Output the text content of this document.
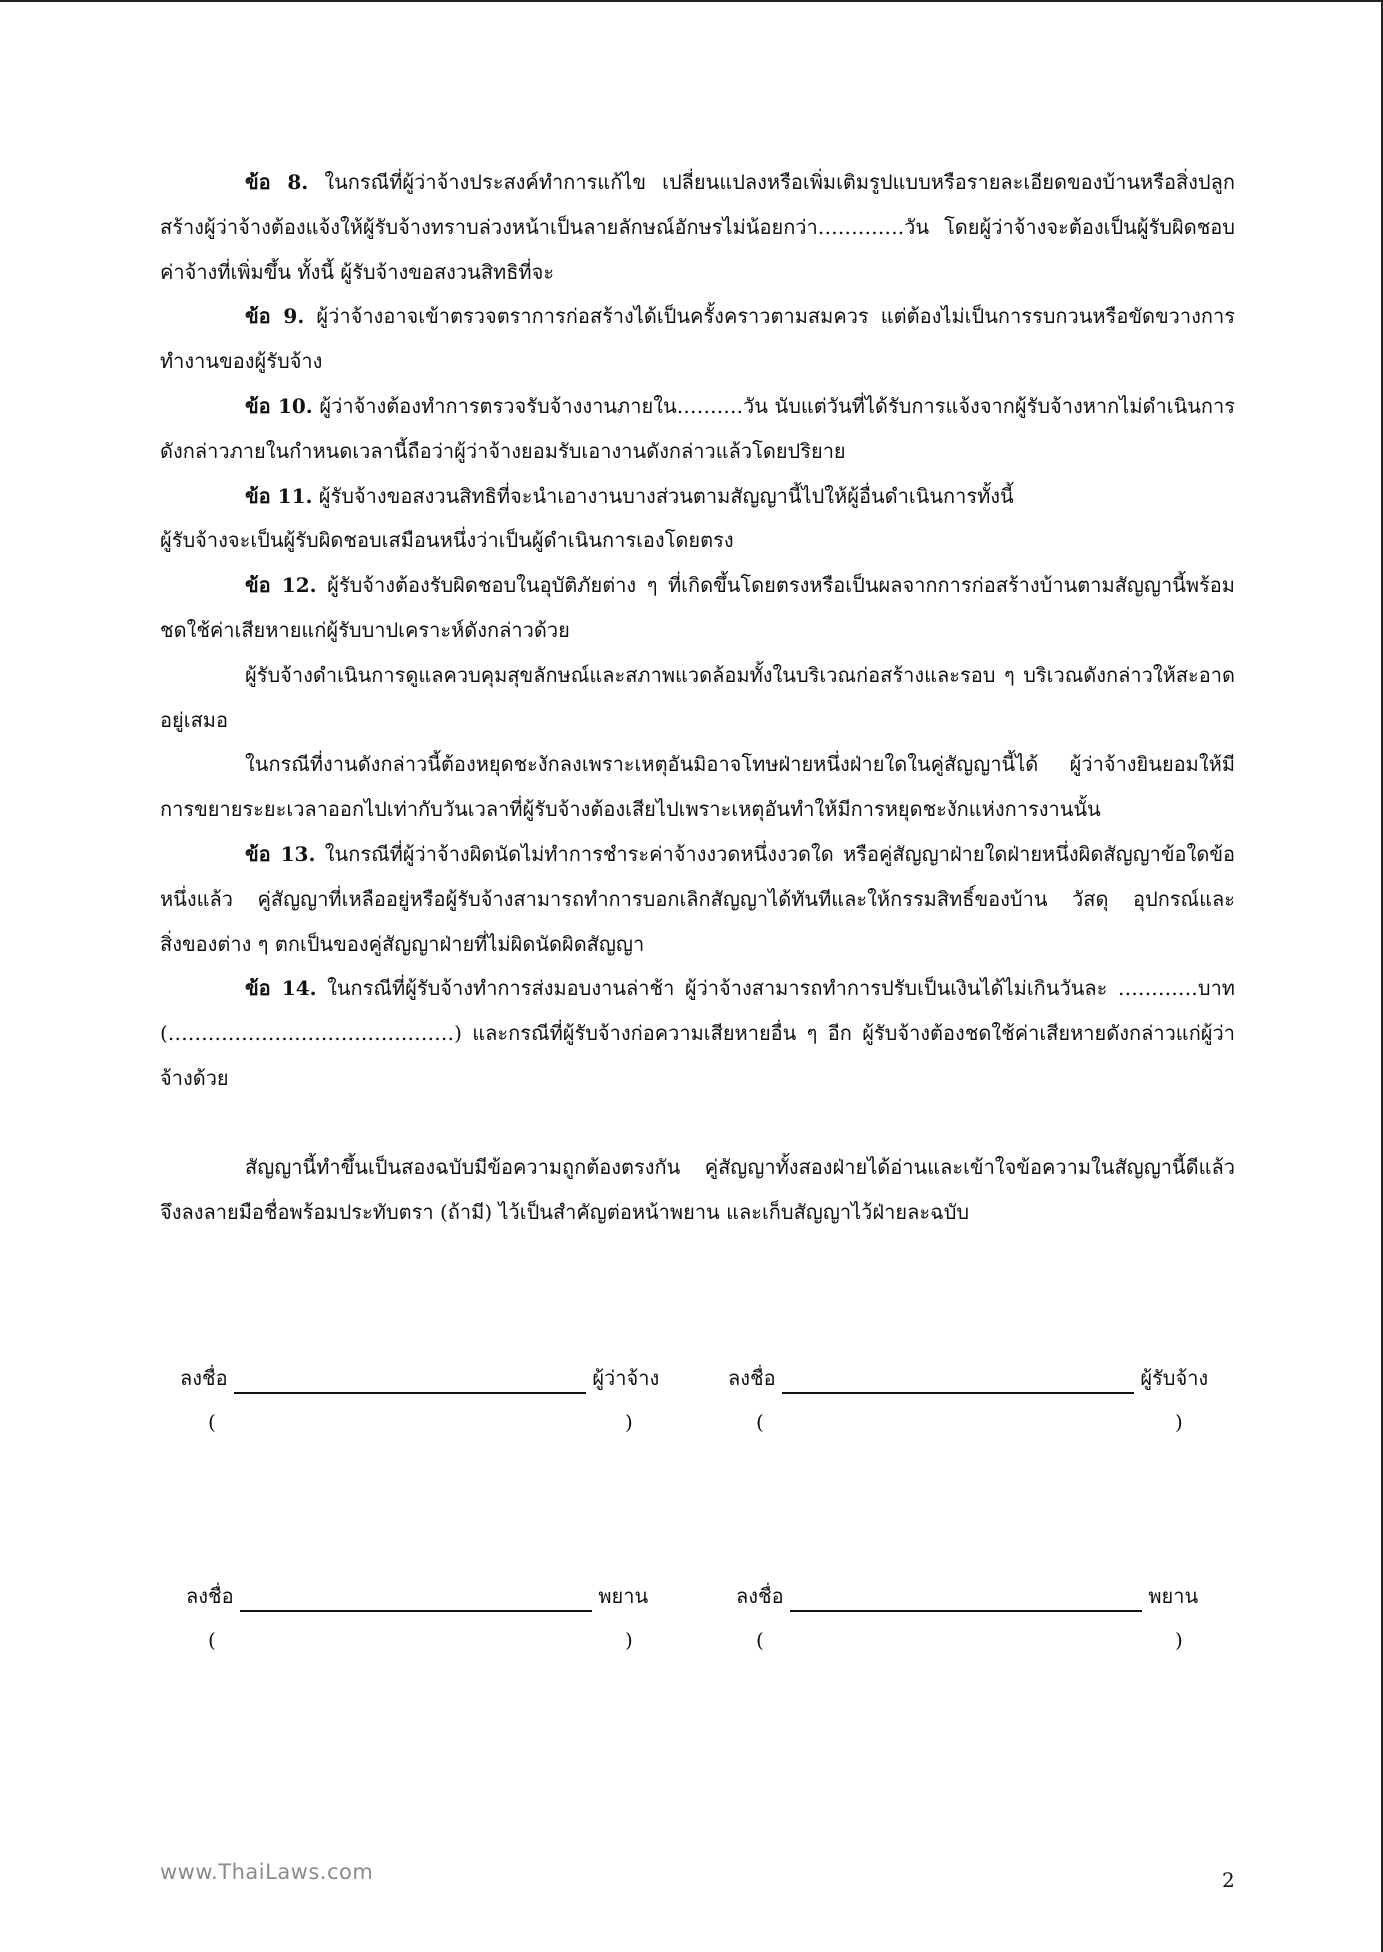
ข้อ 8. ในกรณีที่ผู้ว่าจ้างประสงค์ทำการแก้ไข เปลี่ยนแปลงหรือเพิ่มเติมรูปแบบหรือรายละเอียดของบ้านหรือสิ่งปลูกสร้างผู้ว่าจ้างต้องแจ้งให้ผู้รับจ้างทราบล่วงหน้าเป็นลายลักษณ์อักษรไม่น้อยกว่า………….วัน โดยผู้ว่าจ้างจะต้องเป็นผู้รับผิดชอบค่าจ้างที่เพิ่มขึ้น ทั้งนี้ ผู้รับจ้างขอสงวนสิทธิที่จะ

ข้อ 9. ผู้ว่าจ้างอาจเข้าตรวจตราการก่อสร้างได้เป็นครั้งคราวตามสมควร แต่ต้องไม่เป็นการรบกวนหรือขัดขวางการทำงานของผู้รับจ้าง

ข้อ 10. ผู้ว่าจ้างต้องทำการตรวจรับจ้างงานภายใน……….วัน นับแต่วันที่ได้รับการแจ้งจากผู้รับจ้างหากไม่ดำเนินการดังกล่าวภายในกำหนดเวลานี้ถือว่าผู้ว่าจ้างยอมรับเอางานดังกล่าวแล้วโดยปริยาย

ข้อ 11. ผู้รับจ้างขอสงวนสิทธิที่จะนำเอางานบางส่วนตามสัญญานี้ไปให้ผู้อื่นดำเนินการทั้งนี้
ผู้รับจ้างจะเป็นผู้รับผิดชอบเสมือนหนึ่งว่าเป็นผู้ดำเนินการเองโดยตรง

ข้อ 12. ผู้รับจ้างต้องรับผิดชอบในอุบัติภัยต่าง ๆ ที่เกิดขึ้นโดยตรงหรือเป็นผลจากการก่อสร้างบ้านตามสัญญานี้พร้อมชดใช้ค่าเสียหายแก่ผู้รับบาปเคราะห์ดังกล่าวด้วย

ผู้รับจ้างดำเนินการดูแลควบคุมสุขลักษณ์และสภาพแวดล้อมทั้งในบริเวณก่อสร้างและรอบ ๆ บริเวณดังกล่าวให้สะอาดอยู่เสมอ

ในกรณีที่งานดังกล่าวนี้ต้องหยุดชะงักลงเพราะเหตุอันมิอาจโทษฝ่ายหนึ่งฝ่ายใดในคู่สัญญานี้ได้ ผู้ว่าจ้างยินยอมให้มีการขยายระยะเวลาออกไปเท่ากับวันเวลาที่ผู้รับจ้างต้องเสียไปเพราะเหตุอันทำให้มีการหยุดชะงักแห่งการงานนั้น

ข้อ 13. ในกรณีที่ผู้ว่าจ้างผิดนัดไม่ทำการชำระค่าจ้างงวดหนึ่งงวดใด หรือคู่สัญญาฝ่ายใดฝ่ายหนึ่งผิดสัญญาข้อใดข้อหนึ่งแล้ว คู่สัญญาที่เหลืออยู่หรือผู้รับจ้างสามารถทำการบอกเลิกสัญญาได้ทันทีและให้กรรมสิทธิ์ของบ้าน วัสดุ อุปกรณ์และสิ่งของต่าง ๆ ตกเป็นของคู่สัญญาฝ่ายที่ไม่ผิดนัดผิดสัญญา

ข้อ 14. ในกรณีที่ผู้รับจ้างทำการส่งมอบงานล่าช้า ผู้ว่าจ้างสามารถทำการปรับเป็นเงินได้ไม่เกินวันละ …………บาท (……………….……………………) และกรณีที่ผู้รับจ้างก่อความเสียหายอื่น ๆ อีก ผู้รับจ้างต้องชดใช้ค่าเสียหายดังกล่าวแก่ผู้ว่าจ้างด้วย

สัญญานี้ทำขึ้นเป็นสองฉบับมีข้อความถูกต้องตรงกัน คู่สัญญาทั้งสองฝ่ายได้อ่านและเข้าใจข้อความในสัญญานี้ดีแล้ว จึงลงลายมือชื่อพร้อมประทับตรา (ถ้ามี) ไว้เป็นสำคัญต่อหน้าพยาน และเก็บสัญญาไว้ฝ่ายละฉบับ

ลงชื่อ	ผู้ว่าจ้าง
(	)
ลงชื่อ	ผู้รับจ้าง
(	)
ลงชื่อ	พยาน
(	)
ลงชื่อ	พยาน
(	)
www.ThaiLaws.com	2
